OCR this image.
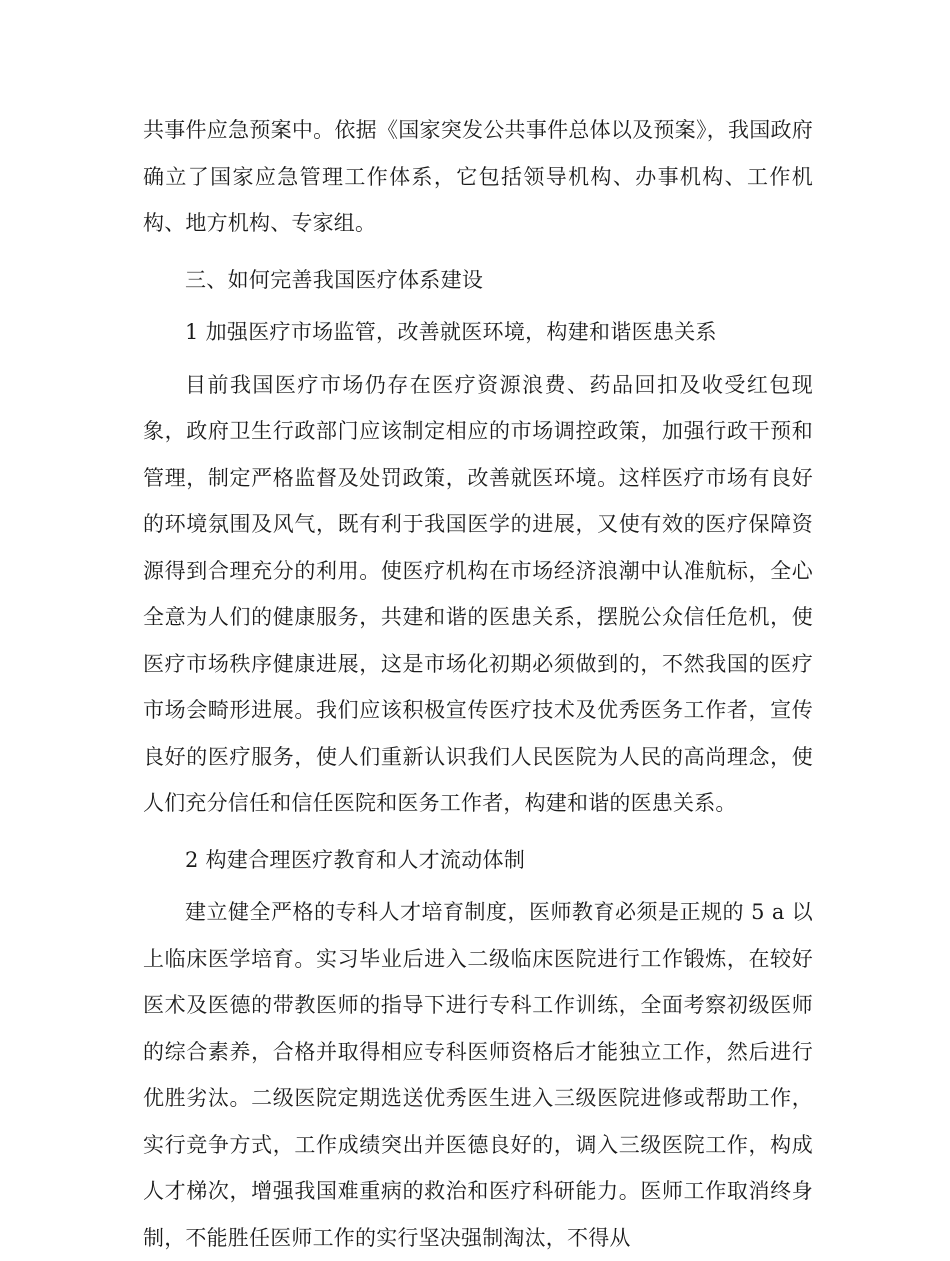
共事件应急预案中。依据《国家突发公共事件总体以及预案》，我国政府确立了国家应急管理工作体系，它包括领导机构、办事机构、工作机构、地方机构、专家组。

三、如何完善我国医疗体系建设

1 加强医疗市场监管，改善就医环境，构建和谐医患关系

目前我国医疗市场仍存在医疗资源浪费、药品回扣及收受红包现象，政府卫生行政部门应该制定相应的市场调控政策，加强行政干预和管理，制定严格监督及处罚政策，改善就医环境。这样医疗市场有良好的环境氛围及风气，既有利于我国医学的进展，又使有效的医疗保障资源得到合理充分的利用。使医疗机构在市场经济浪潮中认准航标，全心全意为人们的健康服务，共建和谐的医患关系，摆脱公众信任危机，使医疗市场秩序健康进展，这是市场化初期必须做到的，不然我国的医疗市场会畸形进展。我们应该积极宣传医疗技术及优秀医务工作者，宣传良好的医疗服务，使人们重新认识我们人民医院为人民的高尚理念，使人们充分信任和信任医院和医务工作者，构建和谐的医患关系。

2 构建合理医疗教育和人才流动体制

建立健全严格的专科人才培育制度，医师教育必须是正规的 5 a 以上临床医学培育。实习毕业后进入二级临床医院进行工作锻炼，在较好医术及医德的带教医师的指导下进行专科工作训练，全面考察初级医师的综合素养，合格并取得相应专科医师资格后才能独立工作，然后进行优胜劣汰。二级医院定期选送优秀医生进入三级医院进修或帮助工作，实行竞争方式，工作成绩突出并医德良好的，调入三级医院工作，构成人才梯次，增强我国难重病的救治和医疗科研能力。医师工作取消终身制，不能胜任医师工作的实行坚决强制淘汰，不得从
